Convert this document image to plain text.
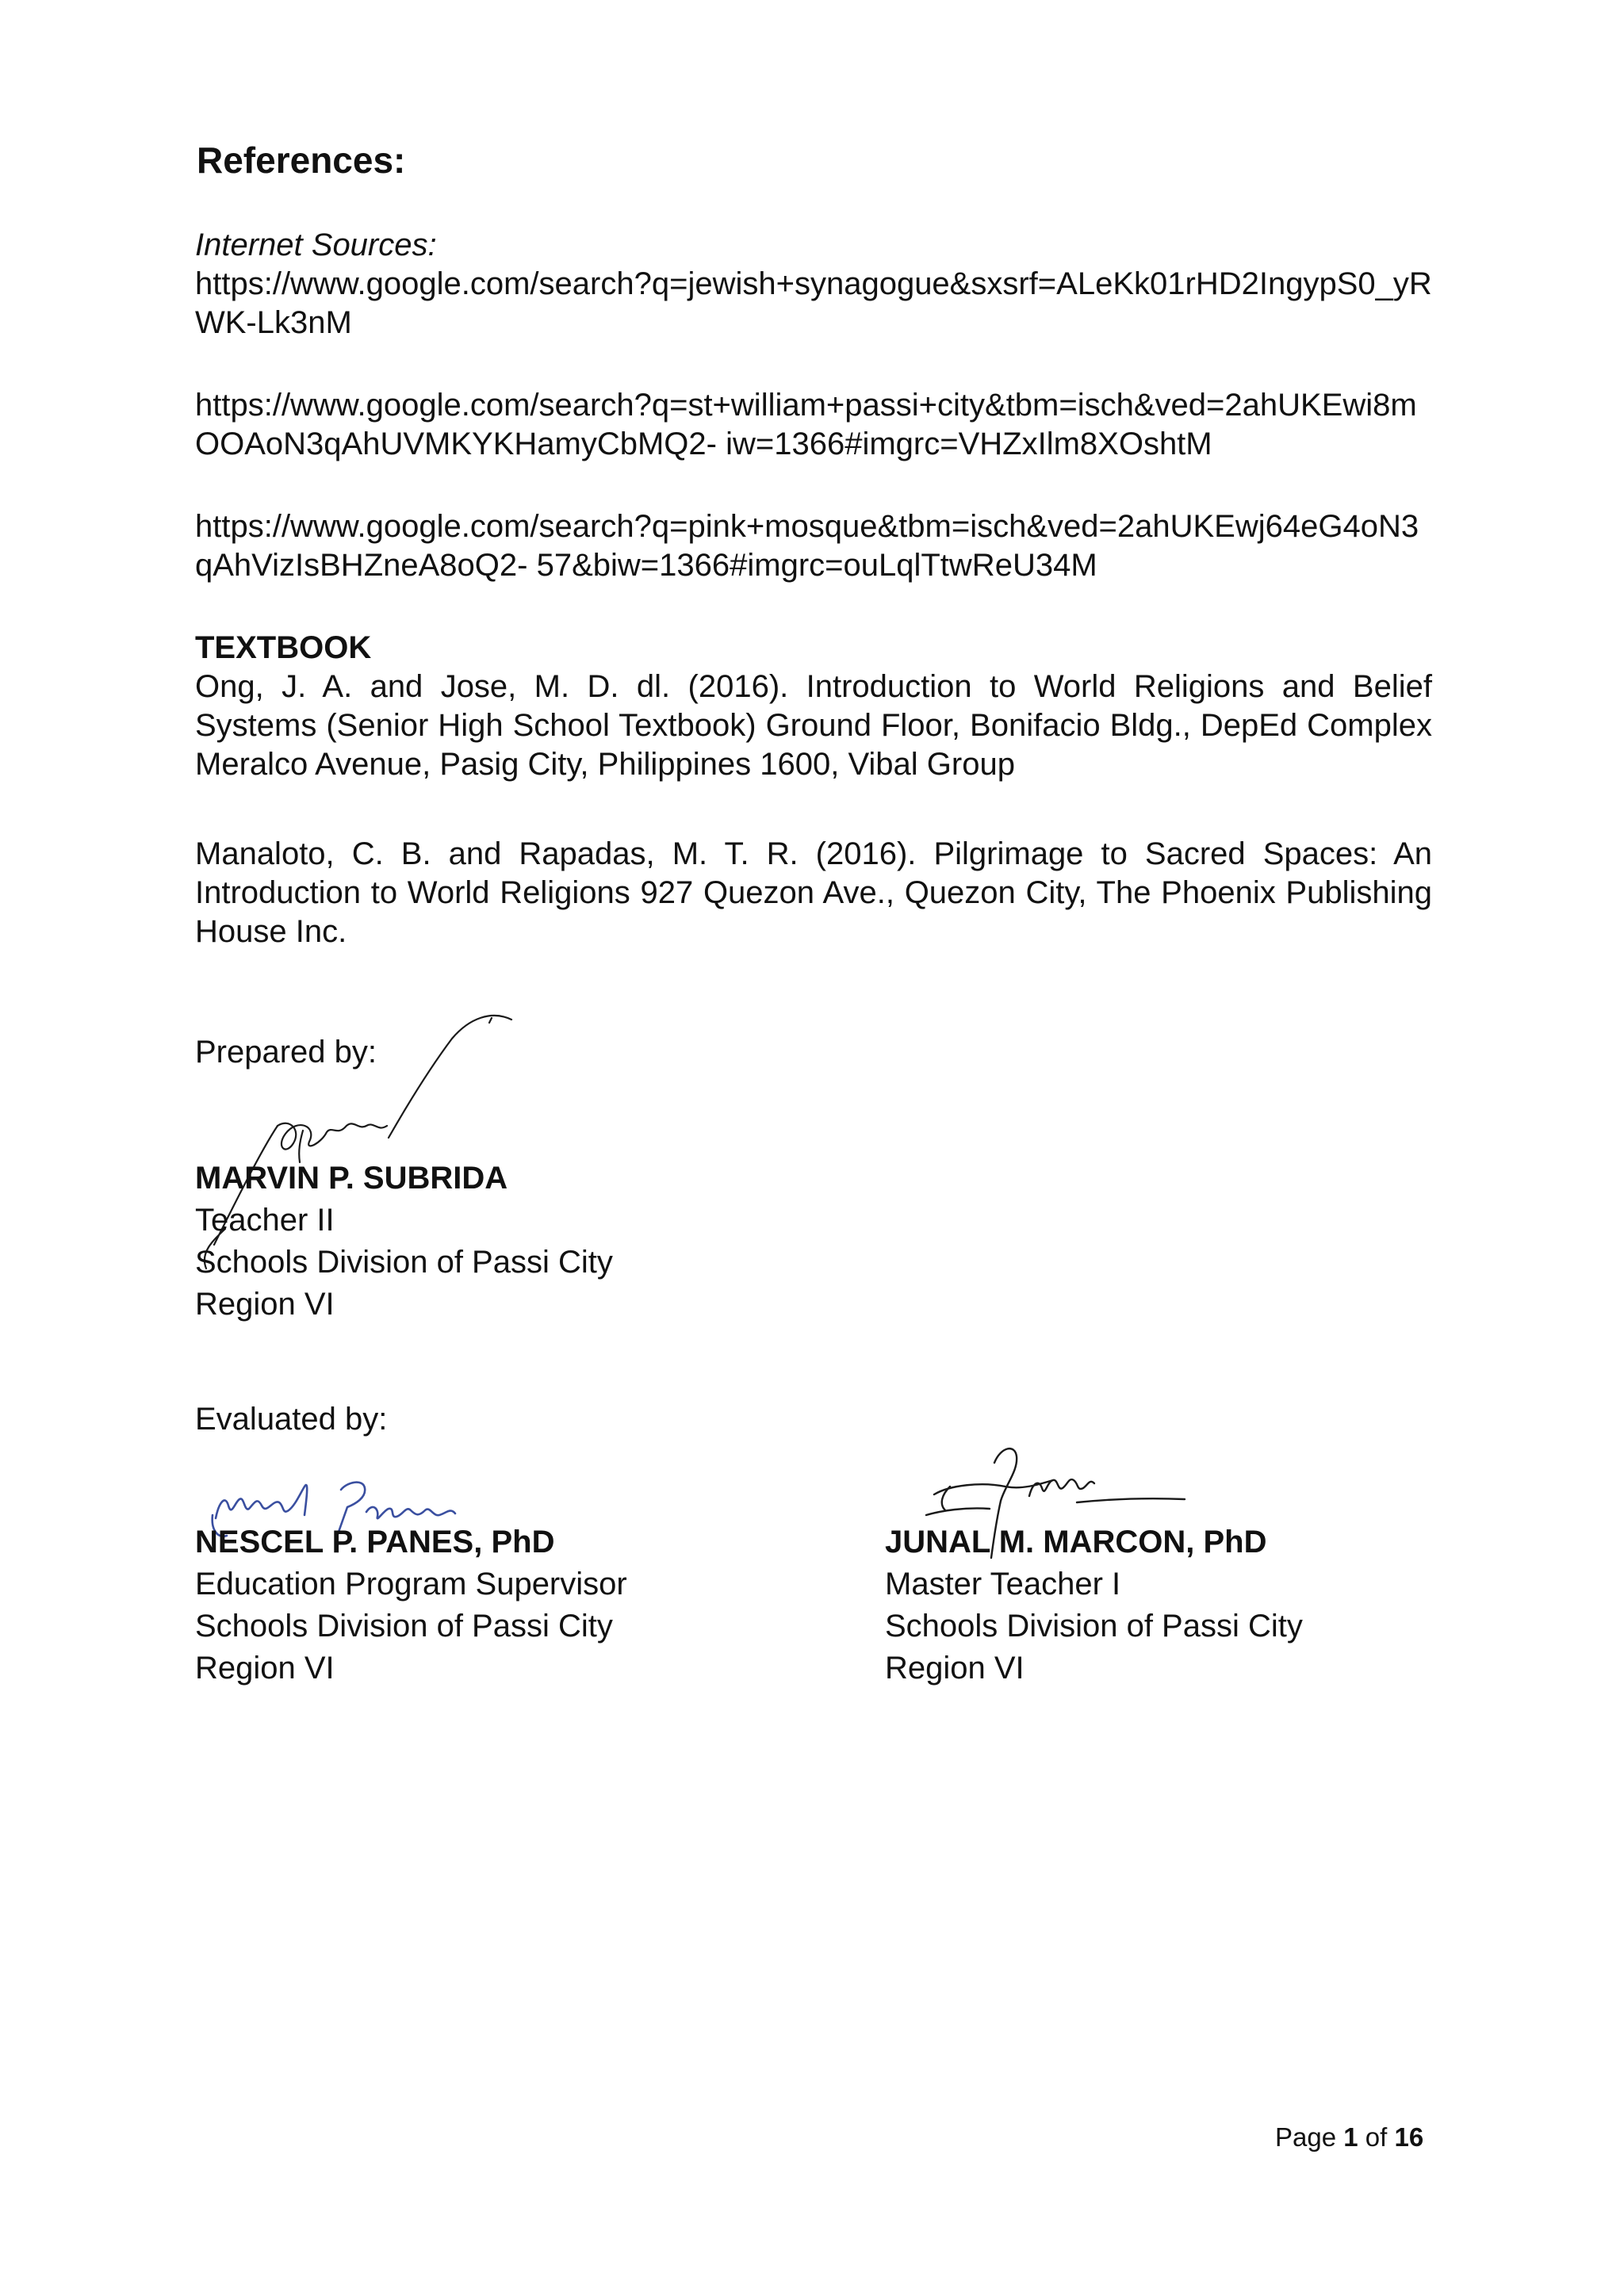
References:
Internet Sources:
https://www.google.com/search?q=jewish+synagogue&sxsrf=ALeKk01rHD2IngypS0_yRWK-Lk3nM
https://www.google.com/search?q=st+william+passi+city&tbm=isch&ved=2ahUKEwi8mOOAoN3qAhUVMKYKHamyCbMQ2- iw=1366#imgrc=VHZxIlm8XOshtM
https://www.google.com/search?q=pink+mosque&tbm=isch&ved=2ahUKEwj64eG4oN3qAhVizIsBHZneA8oQ2- 57&biw=1366#imgrc=ouLqlTtwReU34M
TEXTBOOK
Ong, J. A. and Jose, M. D. dl. (2016). Introduction to World Religions and Belief Systems (Senior High School Textbook) Ground Floor, Bonifacio Bldg., DepEd Complex Meralco Avenue, Pasig City, Philippines 1600, Vibal Group
Manaloto, C. B. and Rapadas, M. T. R. (2016). Pilgrimage to Sacred Spaces: An Introduction to World Religions 927 Quezon Ave., Quezon City, The Phoenix Publishing House Inc.
Prepared by:
MARVIN P. SUBRIDA
Teacher II
Schools Division of Passi City
Region VI
Evaluated by:
NESCEL P. PANES, PhD
Education Program Supervisor
Schools Division of Passi City
Region VI
JUNAL M. MARCON, PhD
Master Teacher I
Schools Division of Passi City
Region VI
Page 1 of 16
